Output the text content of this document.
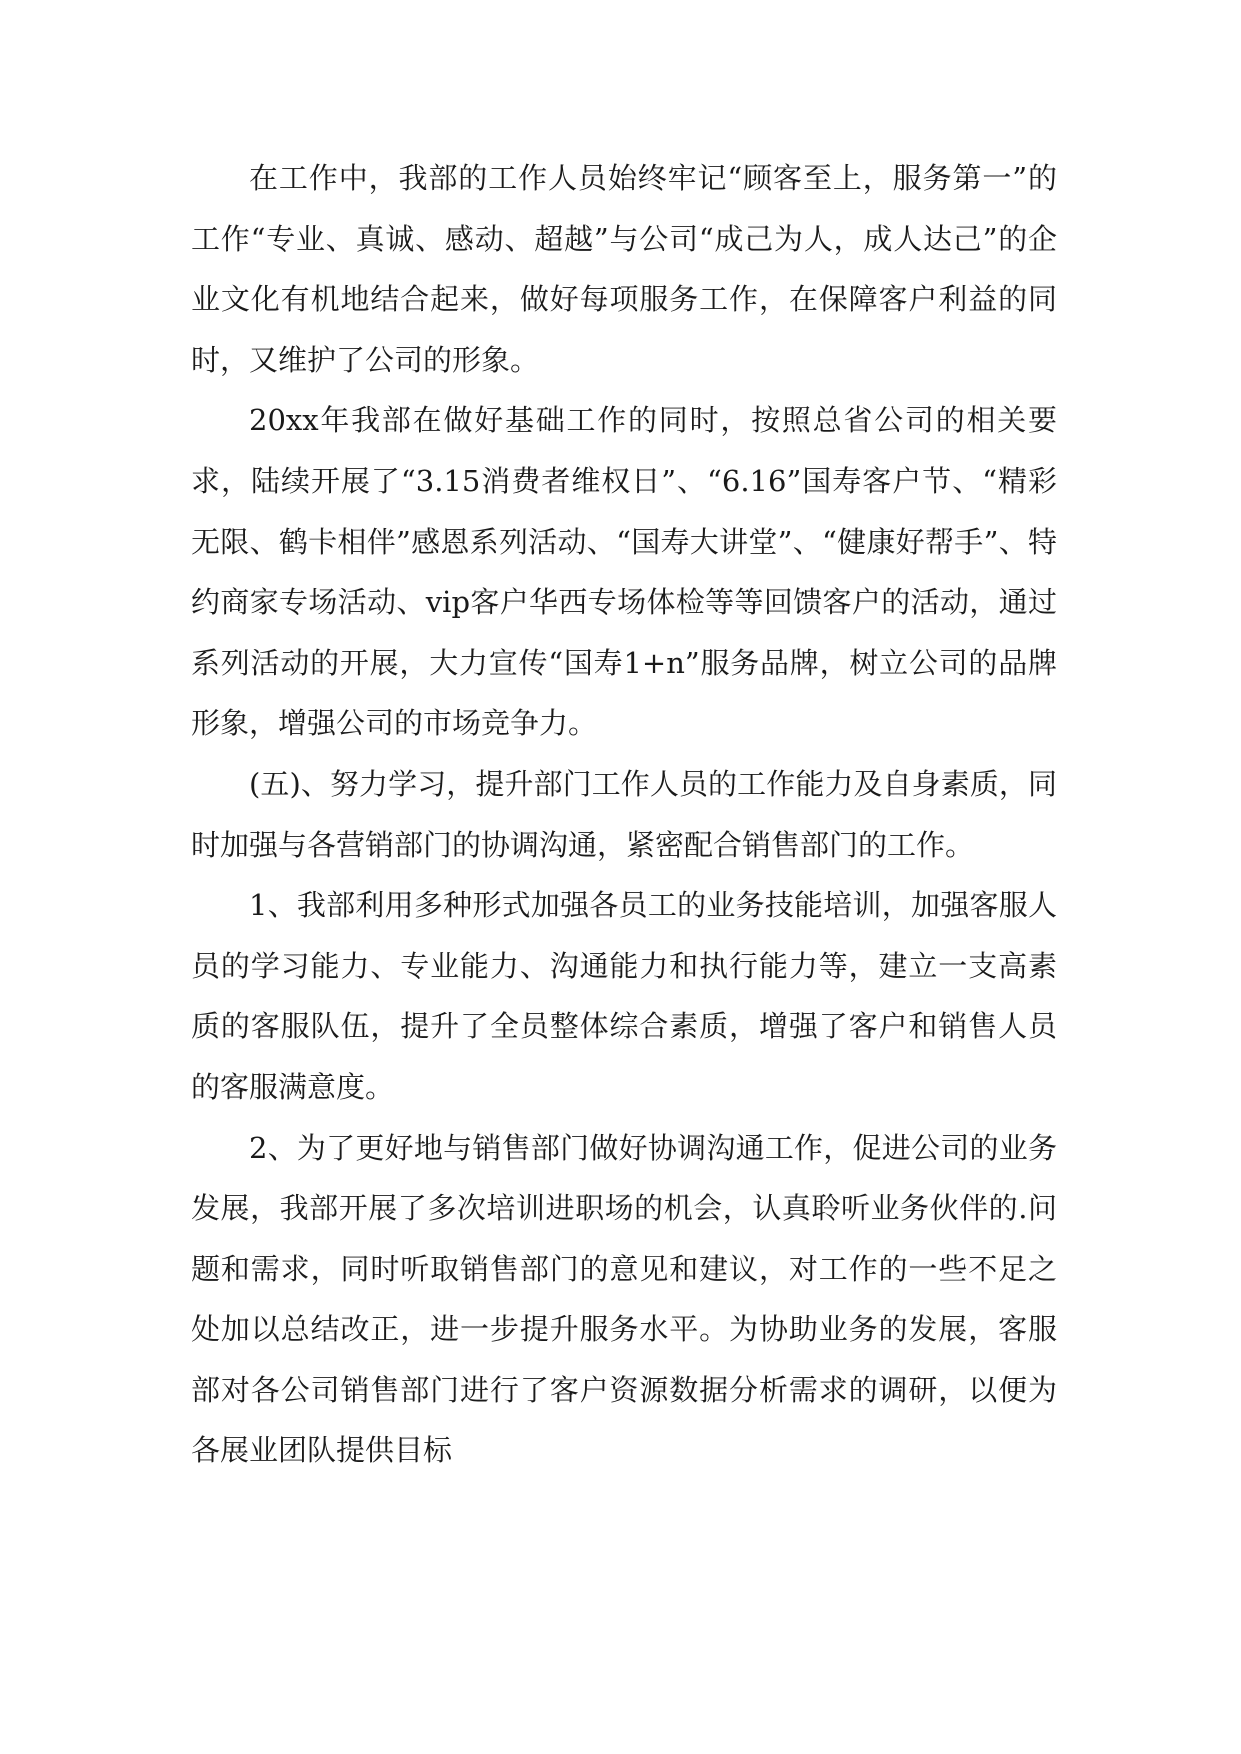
在工作中，我部的工作人员始终牢记“顾客至上，服务第一”的工作“专业、真诚、感动、超越”与公司“成己为人，成人达己”的企业文化有机地结合起来，做好每项服务工作，在保障客户利益的同时，又维护了公司的形象。

20xx年我部在做好基础工作的同时，按照总省公司的相关要求，陆续开展了“3.15消费者维权日”、“6.16”国寿客户节、“精彩无限、鹤卡相伴”感恩系列活动、“国寿大讲堂”、“健康好帮手”、特约商家专场活动、vip客户华西专场体检等等回馈客户的活动，通过系列活动的开展，大力宣传“国寿1+n”服务品牌，树立公司的品牌形象，增强公司的市场竞争力。

(五)、努力学习，提升部门工作人员的工作能力及自身素质，同时加强与各营销部门的协调沟通，紧密配合销售部门的工作。

1、我部利用多种形式加强各员工的业务技能培训，加强客服人员的学习能力、专业能力、沟通能力和执行能力等，建立一支高素质的客服队伍，提升了全员整体综合素质，增强了客户和销售人员的客服满意度。

2、为了更好地与销售部门做好协调沟通工作，促进公司的业务发展，我部开展了多次培训进职场的机会，认真聆听业务伙伴的.问题和需求，同时听取销售部门的意见和建议，对工作的一些不足之处加以总结改正，进一步提升服务水平。为协助业务的发展，客服部对各公司销售部门进行了客户资源数据分析需求的调研，以便为各展业团队提供目标
